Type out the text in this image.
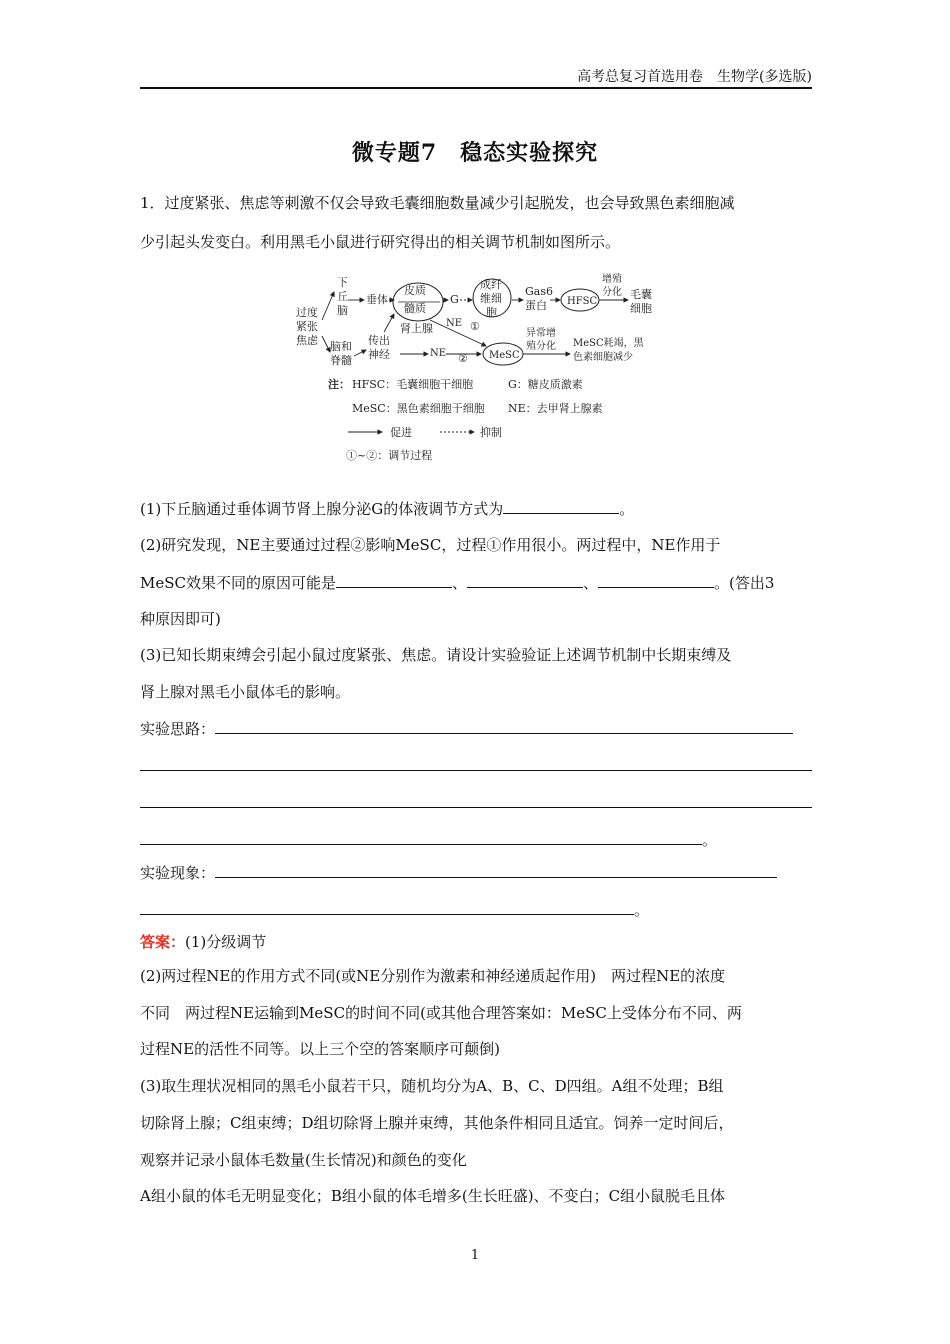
高考总复习首选用卷　生物学(多选版)
微专题7　稳态实验探究
1．过度紧张、焦虑等刺激不仅会导致毛囊细胞数量减少引起脱发，也会导致黑色素细胞减
少引起头发变白。利用黑毛小鼠进行研究得出的相关调节机制如图所示。
过度
紧张
焦虑
下
丘
脑
垂体
皮质
髓质
肾上腺
G
成纤
维细
胞
Gas6
蛋白 HFSC
增殖
分化 毛囊
细胞
NE ①
脑和
脊髓
传出
神经	NE ② MeSC
异常增
殖分化 MeSC耗竭，黑
色素细胞减少
注： HFSC：毛囊细胞干细胞	G：糖皮质激素
MeSC：黑色素细胞干细胞 NE：去甲肾上腺素
促进	抑制
①~②：调节过程
(1)下丘脑通过垂体调节肾上腺分泌G的体液调节方式为	。
(2)研究发现，NE主要通过过程②影响MeSC，过程①作用很小。两过程中，NE作用于
MeSC效果不同的原因可能是	、	、	。(答出3
种原因即可)
(3)已知长期束缚会引起小鼠过度紧张、焦虑。请设计实验验证上述调节机制中长期束缚及
肾上腺对黑毛小鼠体毛的影响。
实验思路：
。
实验现象：
。
答案：(1)分级调节
(2)两过程NE的作用方式不同(或NE分别作为激素和神经递质起作用)　两过程NE的浓度
不同　两过程NE运输到MeSC的时间不同(或其他合理答案如：MeSC上受体分布不同、两
过程NE的活性不同等。以上三个空的答案顺序可颠倒)
(3)取生理状况相同的黑毛小鼠若干只，随机均分为A、B、C、D四组。A组不处理；B组
切除肾上腺；C组束缚；D组切除肾上腺并束缚，其他条件相同且适宜。饲养一定时间后，
观察并记录小鼠体毛数量(生长情况)和颜色的变化
A组小鼠的体毛无明显变化；B组小鼠的体毛增多(生长旺盛)、不变白；C组小鼠脱毛且体
1
